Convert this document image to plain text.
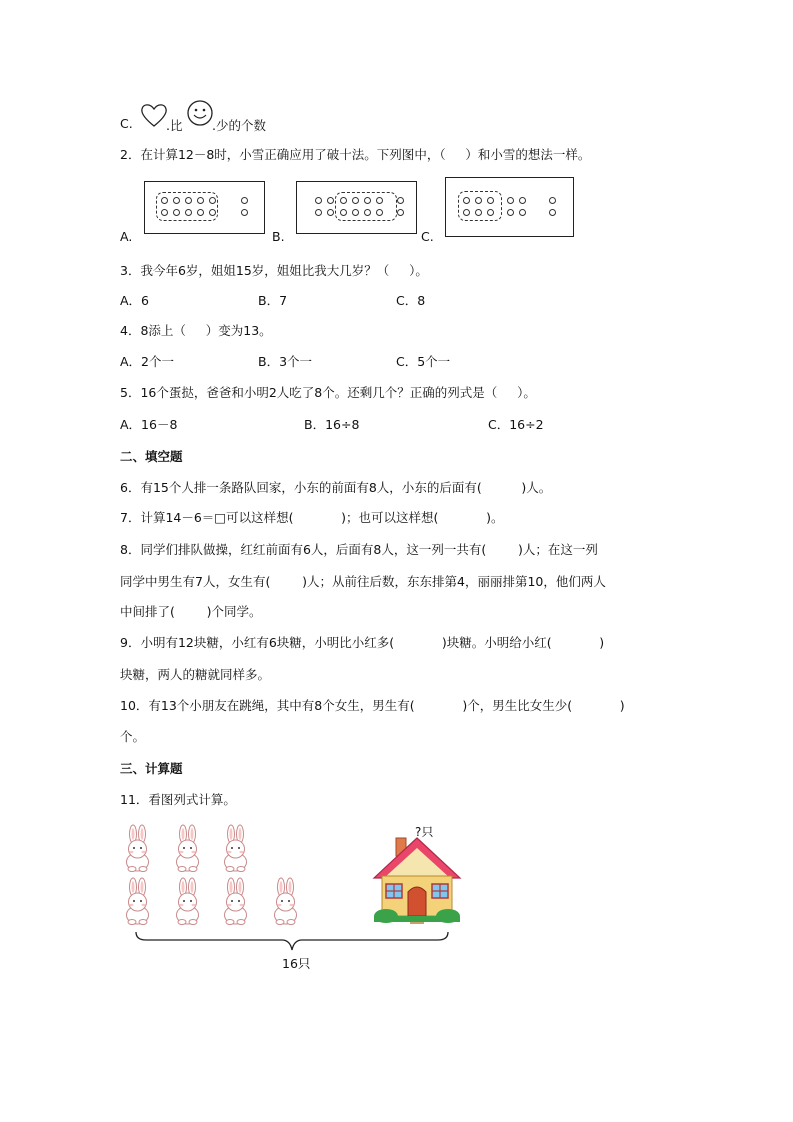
C.	.比 .少的个数
2．在计算12－8时，小雪正确应用了破十法。下列图中，（     ）和小雪的想法一样。
A.	B.	C.
3．我今年6岁，姐姐15岁，姐姐比我大几岁？（     ）。
A．6	B．7	C．8
4．8添上（     ）变为13。
A．2个一	B．3个一	C．5个一
5．16个蛋挞，爸爸和小明2人吃了8个。还剩几个？正确的列式是（     ）。
A．16－8	B．16÷8	C．16÷2
二、填空题
6．有15个人排一条路队回家，小东的前面有8人，小东的后面有(          )人。
7．计算14－6＝□可以这样想(            )；也可以这样想(            )。
8．同学们排队做操，红红前面有6人，后面有8人，这一列一共有(        )人；在这一列
同学中男生有7人，女生有(        )人；从前往后数，东东排第4，丽丽排第10，他们两人
中间排了(        )个同学。
9．小明有12块糖，小红有6块糖，小明比小红多(            )块糖。小明给小红(            )
块糖，两人的糖就同样多。
10．有13个小朋友在跳绳，其中有8个女生，男生有(            )个，男生比女生少(            )
个。
三、计算题
11．看图列式计算。
?只
16只
